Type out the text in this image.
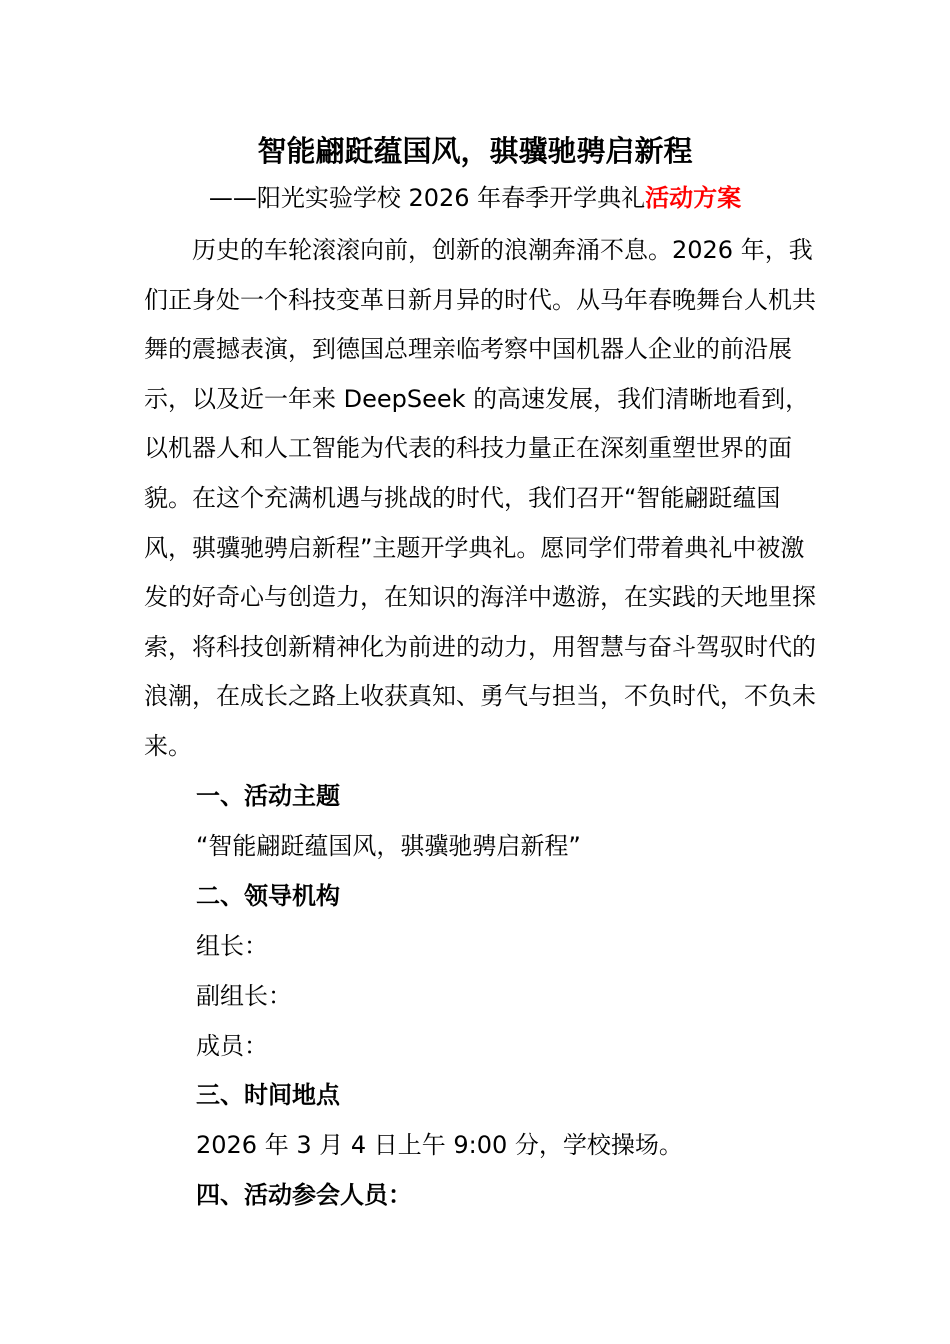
智能翩跹蕴国风，骐骥驰骋启新程
——阳光实验学校 2026 年春季开学典礼活动方案

历史的车轮滚滚向前，创新的浪潮奔涌不息。2026 年，我们正身处一个科技变革日新月异的时代。从马年春晚舞台人机共舞的震撼表演，到德国总理亲临考察中国机器人企业的前沿展示，以及近一年来 DeepSeek 的高速发展，我们清晰地看到，以机器人和人工智能为代表的科技力量正在深刻重塑世界的面貌。在这个充满机遇与挑战的时代，我们召开“智能翩跹蕴国风，骐骥驰骋启新程”主题开学典礼。愿同学们带着典礼中被激发的好奇心与创造力，在知识的海洋中遨游，在实践的天地里探索，将科技创新精神化为前进的动力，用智慧与奋斗驾驭时代的浪潮，在成长之路上收获真知、勇气与担当，不负时代，不负未来。

一、活动主题
“智能翩跹蕴国风，骐骥驰骋启新程”
二、领导机构
组长：
副组长：
成员：
三、时间地点
2026 年 3 月 4 日上午 9:00 分，学校操场。
四、活动参会人员：
